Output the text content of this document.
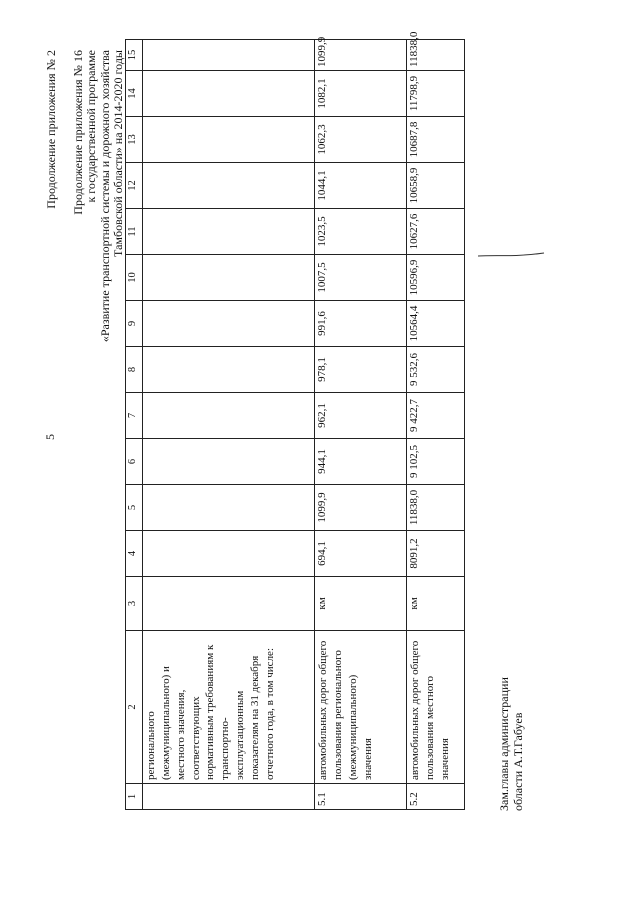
5
Продолжение приложения № 2 Продолжение приложения № 16 к государственной программе «Развитие транспортной системы и дорожного хозяйства Тамбовской области» на 2014-2020 годы
1	2	3	4	5	6	7	8	9	10	11	12	13	14	15
	регионального (межмуниципального) и местного значения, соответствующих нормативным требованиям к транспортно-эксплуатационным показателям на 31 декабря отчетного года, в том числе:													
5.1	автомобильных дорог общего пользования регионального (межмуниципального) значения	км	694,1	1099,9	944,1	962,1	978,1	991,6	1007,5	1023,5	1044,1	1062,3	1082,1	1099,9
5.2	автомобильных дорог общего пользования местного значения	км	8091,2	11838,0	9 102,5	9 422,7	9 532,6	10564,4	10596,9	10627,6	10658,9	10687,8	11798,9	11838,0
Зам.главы администрации области А.Т.Габуев
